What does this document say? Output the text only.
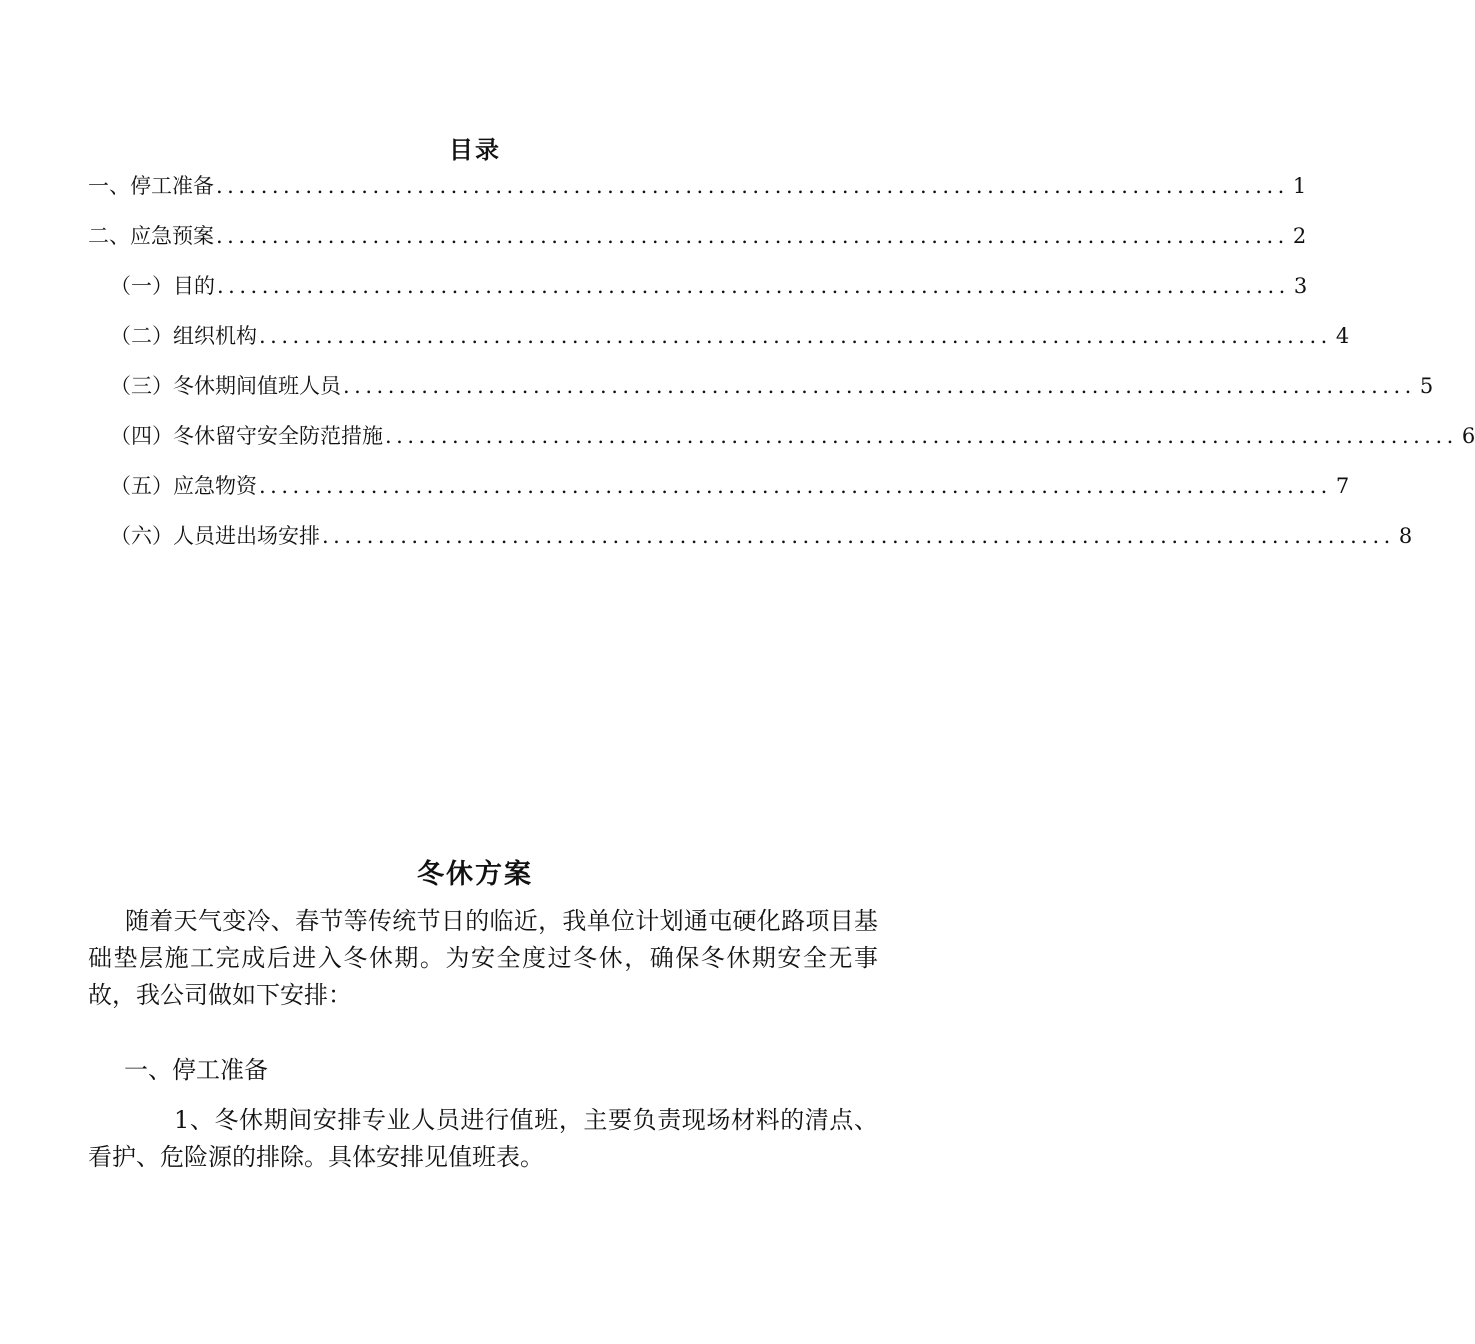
目录
一、停工准备 ................................................................................................ 1
二、应急预案 ................................................................................................ 2
（一）目的 ................................................................................................ 3
（二）组织机构 ................................................................................................ 4
（三）冬休期间值班人员 ................................................................................................ 5
（四）冬休留守安全防范措施 ................................................................................................ 6
（五）应急物资 ................................................................................................ 7
（六）人员进出场安排 ................................................................................................ 8
冬休方案
随着天气变冷、春节等传统节日的临近，我单位计划通屯硬化路项目基础垫层施工完成后进入冬休期。为安全度过冬休，确保冬休期安全无事故，我公司做如下安排：
一、停工准备
1、冬休期间安排专业人员进行值班，主要负责现场材料的清点、看护、危险源的排除。具体安排见值班表。
